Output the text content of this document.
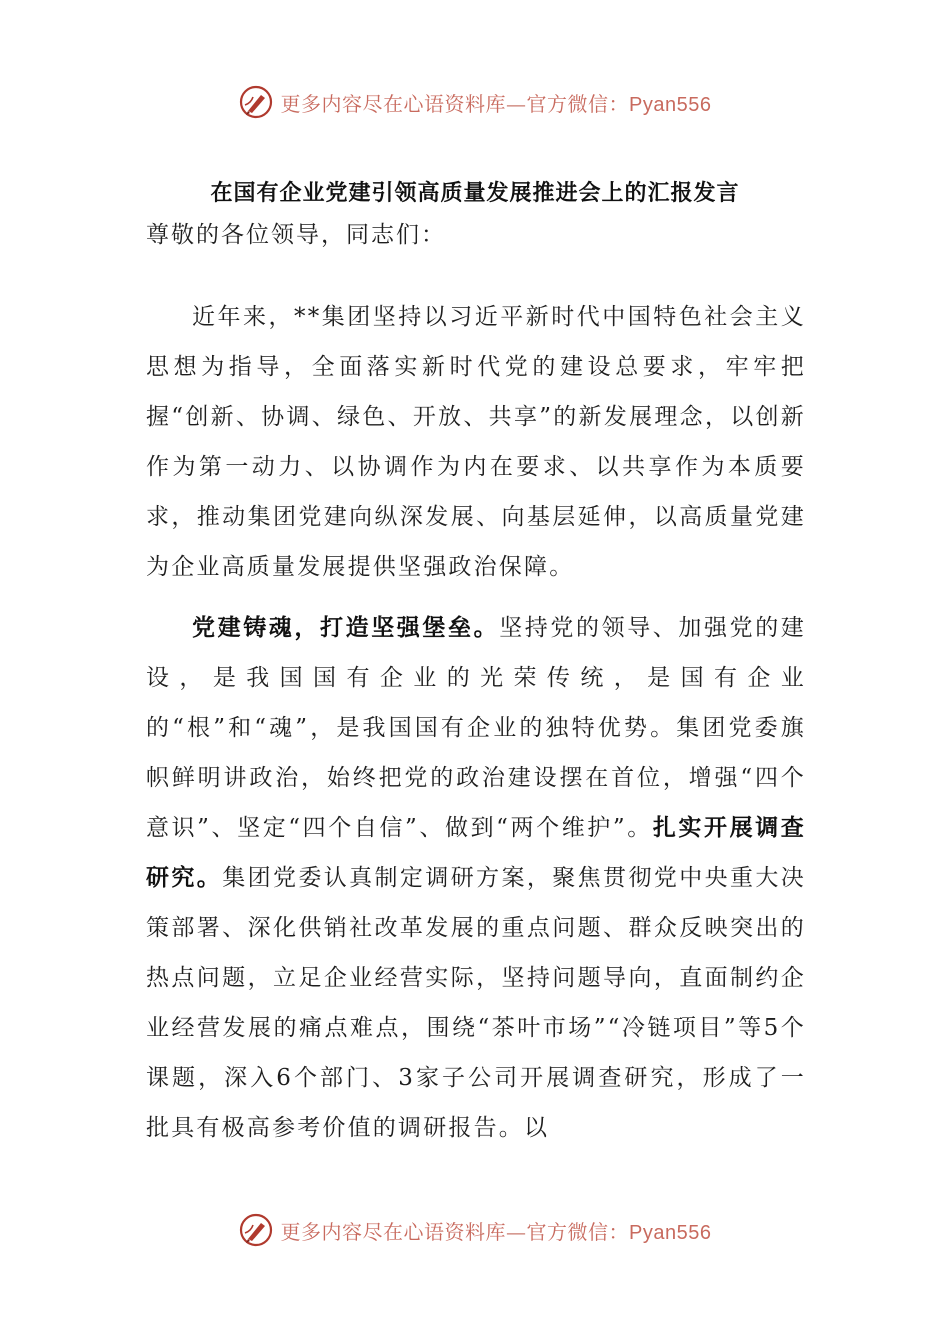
更多内容尽在心语资料库—官方微信：Pyan556
在国有企业党建引领高质量发展推进会上的汇报发言
尊敬的各位领导，同志们：

近年来，**集团坚持以习近平新时代中国特色社会主义思想为指导，全面落实新时代党的建设总要求，牢牢把握“创新、协调、绿色、开放、共享”的新发展理念，以创新作为第一动力、以协调作为内在要求、以共享作为本质要求，推动集团党建向纵深发展、向基层延伸，以高质量党建为企业高质量发展提供坚强政治保障。

党建铸魂，打造坚强堡垒。坚持党的领导、加强党的建设，是我国国有企业的光荣传统，是国有企业的“根”和“魂”，是我国国有企业的独特优势。集团党委旗帜鲜明讲政治，始终把党的政治建设摆在首位，增强“四个意识”、坚定“四个自信”、做到“两个维护”。扎实开展调查研究。集团党委认真制定调研方案，聚焦贯彻党中央重大决策部署、深化供销社改革发展的重点问题、群众反映突出的热点问题，立足企业经营实际，坚持问题导向，直面制约企业经营发展的痛点难点，围绕“茶叶市场”“冷链项目”等5个课题，深入6个部门、3家子公司开展调查研究，形成了一批具有极高参考价值的调研报告。以

更多内容尽在心语资料库—官方微信：Pyan556
